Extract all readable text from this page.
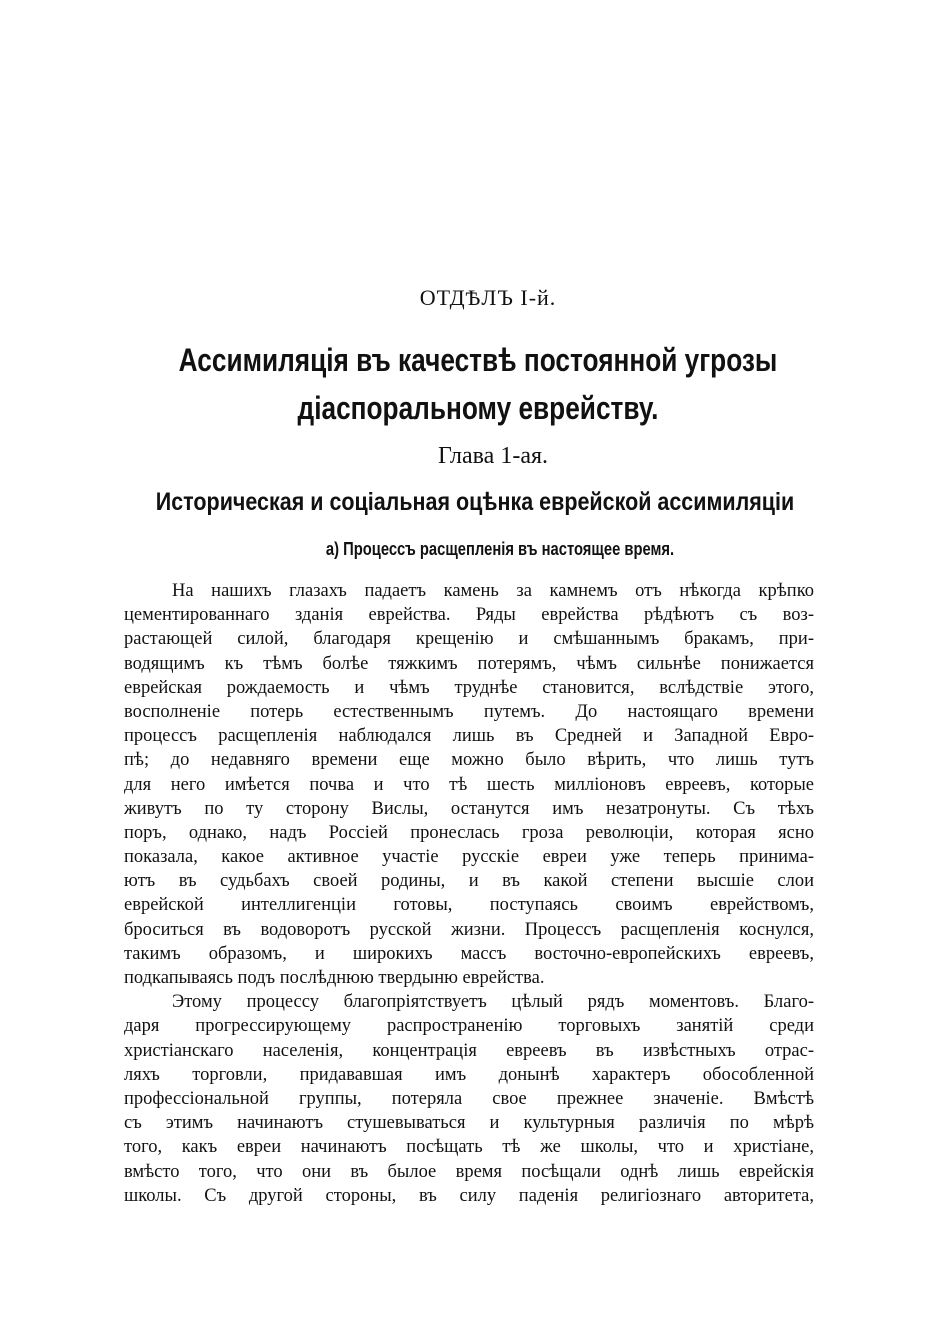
ОТДѢЛЪ I-й.
Ассимиляція въ качествѣ постоянной угрозы
діаспоральному еврейству.
Глава 1-ая.
Историческая и соціальная оцѣнка еврейской ассимиляціи
а) Процессъ расщепленія въ настоящее время.
На нашихъ глазахъ падаетъ камень за камнемъ отъ нѣкогда крѣпко
цементированнаго зданія еврейства. Ряды еврейства рѣдѣютъ съ воз-
растающей силой, благодаря крещенію и смѣшаннымъ бракамъ, при-
водящимъ къ тѣмъ болѣе тяжкимъ потерямъ, чѣмъ сильнѣе понижается
еврейская рождаемость и чѣмъ труднѣе становится, вслѣдствіе этого,
восполненіе потерь естественнымъ путемъ. До настоящаго времени
процессъ расщепленія наблюдался лишь въ Средней и Западной Евро-
пѣ; до недавняго времени еще можно было вѣрить, что лишь тутъ
для него имѣется почва и что тѣ шесть милліоновъ евреевъ, которые
живутъ по ту сторону Вислы, останутся имъ незатронуты. Съ тѣхъ
поръ, однако, надъ Россіей пронеслась гроза революціи, которая ясно
показала, какое активное участіе русскіе евреи уже теперь принима-
ютъ въ судьбахъ своей родины, и въ какой степени высшіе слои
еврейской интеллигенціи готовы, поступаясь своимъ еврействомъ,
броситься въ водоворотъ русской жизни. Процессъ расщепленія коснулся,
такимъ образомъ, и широкихъ массъ восточно-европейскихъ евреевъ,
подкапываясь подъ послѣднюю твердыню еврейства.
Этому процессу благопріятствуетъ цѣлый рядъ моментовъ. Благо-
даря прогрессирующему распространенію торговыхъ занятій среди
христіанскаго населенія, концентрація евреевъ въ извѣстныхъ отрас-
ляхъ торговли, придававшая имъ донынѣ характеръ обособленной
профессіональной группы, потеряла свое прежнее значеніе. Вмѣстѣ
съ этимъ начинаютъ стушевываться и культурныя различія по мѣрѣ
того, какъ евреи начинаютъ посѣщать тѣ же школы, что и христіане,
вмѣсто того, что они въ былое время посѣщали однѣ лишь еврейскія
школы. Съ другой стороны, въ силу паденія религіознаго авторитета,
